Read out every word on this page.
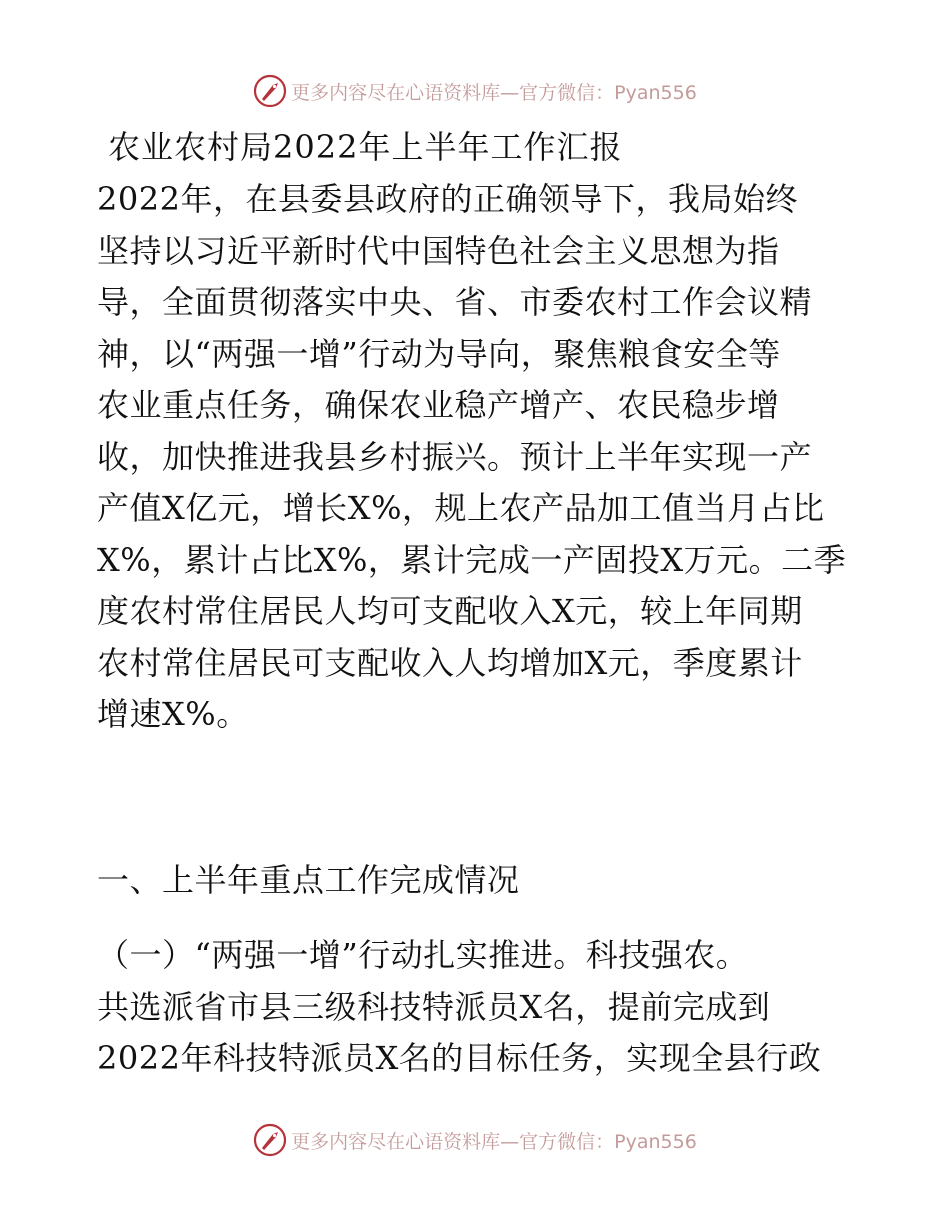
更多内容尽在心语资料库—官方微信：Pyan556
农业农村局2022年上半年工作汇报
2022年，在县委县政府的正确领导下，我局始终
坚持以习近平新时代中国特色社会主义思想为指
导，全面贯彻落实中央、省、市委农村工作会议精
神，以“两强一增”行动为导向，聚焦粮食安全等
农业重点任务，确保农业稳产增产、农民稳步增
收，加快推进我县乡村振兴。预计上半年实现一产
产值X亿元，增长X%，规上农产品加工值当月占比
X%，累计占比X%，累计完成一产固投X万元。二季
度农村常住居民人均可支配收入X元，较上年同期
农村常住居民可支配收入人均增加X元，季度累计
增速X%。
一、上半年重点工作完成情况
（一）“两强一增”行动扎实推进。科技强农。
共选派省市县三级科技特派员X名，提前完成到
2022年科技特派员X名的目标任务，实现全县行政
更多内容尽在心语资料库—官方微信：Pyan556
